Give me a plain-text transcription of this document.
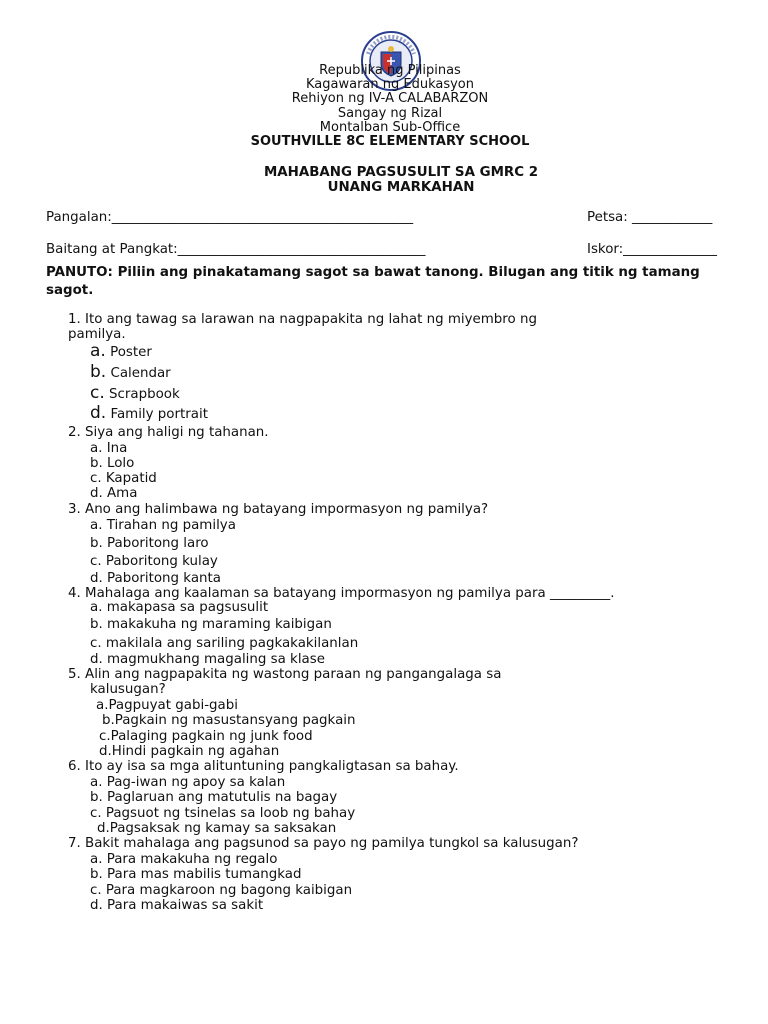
Republika ng Pilipinas
Kagawaran ng Edukasyon
Rehiyon ng IV-A CALABARZON
Sangay ng Rizal
Montalban Sub-Office
SOUTHVILLE 8C ELEMENTARY SCHOOL
MAHABANG PAGSUSULIT SA GMRC 2
UNANG MARKAHAN
Pangalan:_____________________________________________	Petsa: ____________
Baitang at Pangkat:_____________________________________	Iskor:______________
PANUTO: Piliin ang pinakatamang sagot sa bawat tanong. Bilugan ang titik ng tamang sagot.
1. Ito ang tawag sa larawan na nagpapakita ng lahat ng miyembro ng
pamilya.
a. Poster
b. Calendar
c. Scrapbook
d. Family portrait
2. Siya ang haligi ng tahanan.
a. Ina
b. Lolo
c. Kapatid
d. Ama
3. Ano ang halimbawa ng batayang impormasyon ng pamilya?
a. Tirahan ng pamilya
b. Paboritong laro
c. Paboritong kulay
d. Paboritong kanta
4. Mahalaga ang kaalaman sa batayang impormasyon ng pamilya para _________.
a. makapasa sa pagsusulit
b. makakuha ng maraming kaibigan
c. makilala ang sariling pagkakakilanlan
d. magmukhang magaling sa klase
5. Alin ang nagpapakita ng wastong paraan ng pangangalaga sa
kalusugan?
a.Pagpuyat gabi-gabi
b.Pagkain ng masustansyang pagkain
c.Palaging pagkain ng junk food
d.Hindi pagkain ng agahan
6. Ito ay isa sa mga alituntuning pangkaligtasan sa bahay.
a. Pag-iwan ng apoy sa kalan
b. Paglaruan ang matutulis na bagay
c. Pagsuot ng tsinelas sa loob ng bahay
d.Pagsaksak ng kamay sa saksakan
7. Bakit mahalaga ang pagsunod sa payo ng pamilya tungkol sa kalusugan?
a. Para makakuha ng regalo
b. Para mas mabilis tumangkad
c. Para magkaroon ng bagong kaibigan
d. Para makaiwas sa sakit
